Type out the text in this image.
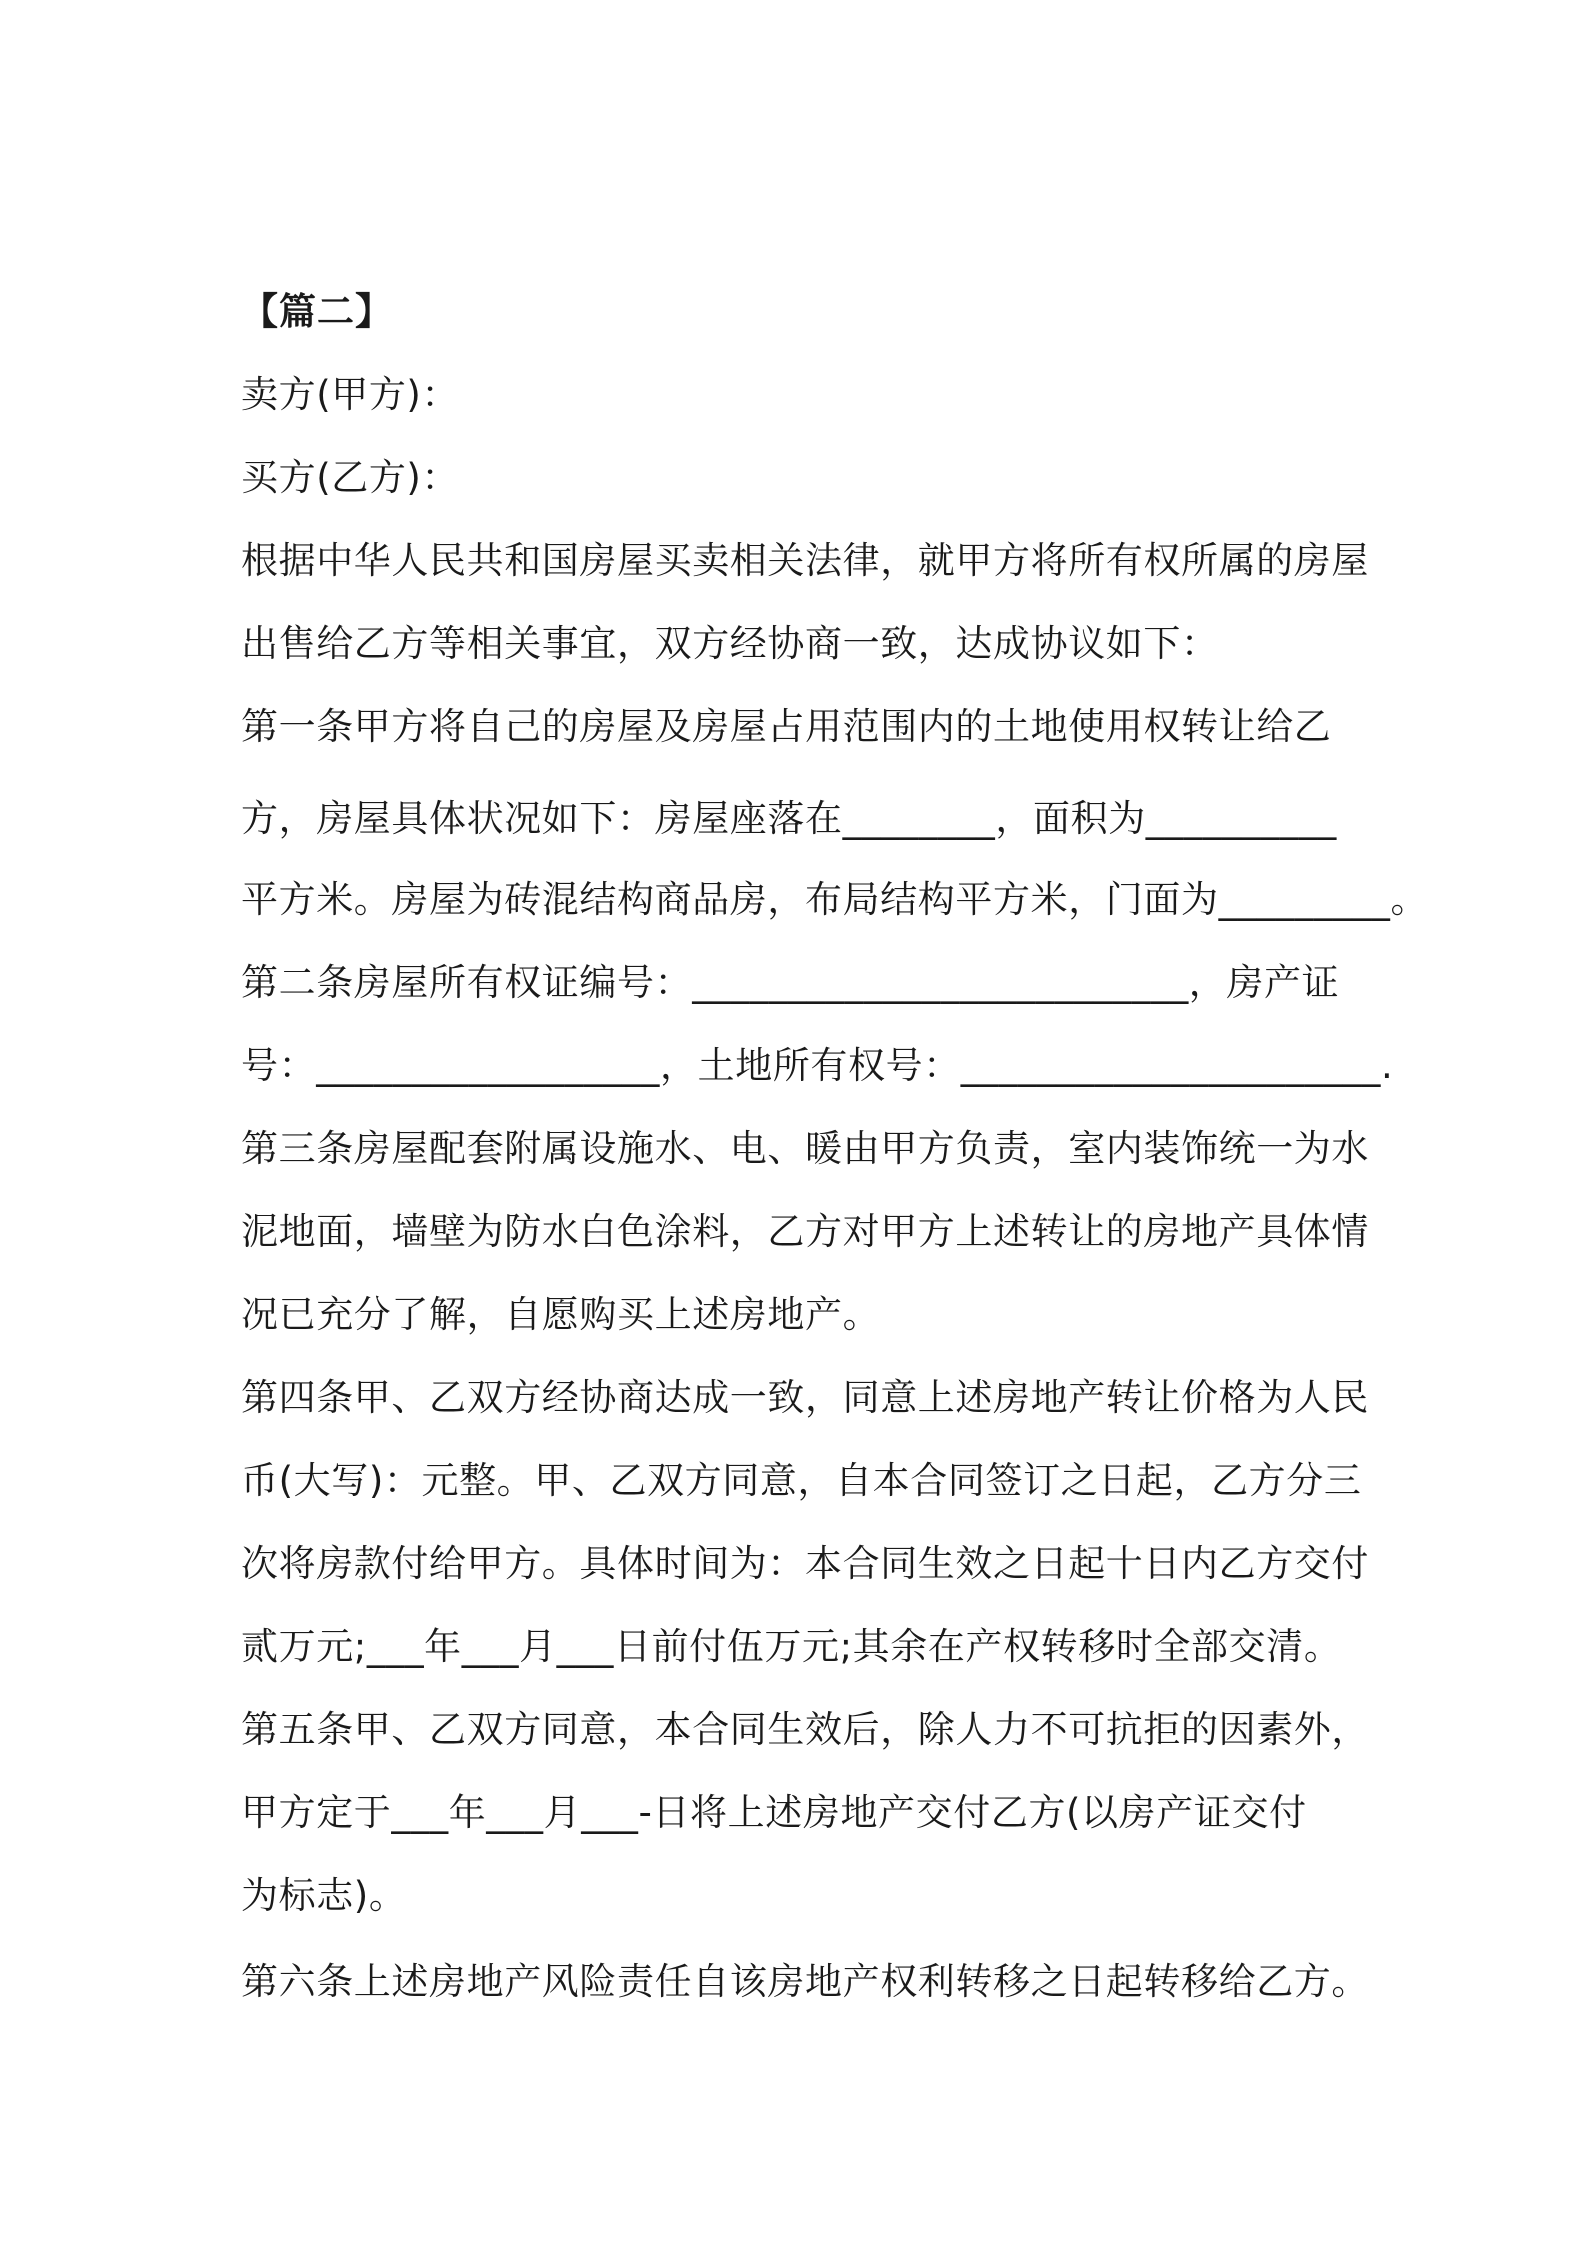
【篇二】

卖方(甲方)：

买方(乙方)：

根据中华人民共和国房屋买卖相关法律，就甲方将所有权所属的房屋

出售给乙方等相关事宜，双方经协商一致，达成协议如下：

第一条甲方将自己的房屋及房屋占用范围内的土地使用权转让给乙

方，房屋具体状况如下：房屋座落在________，面积为__________

平方米。房屋为砖混结构商品房，布局结构平方米，门面为_________。

第二条房屋所有权证编号：__________________________，房产证

号：__________________，土地所有权号：______________________.

第三条房屋配套附属设施水、电、暖由甲方负责，室内装饰统一为水

泥地面，墙壁为防水白色涂料，乙方对甲方上述转让的房地产具体情

况已充分了解，自愿购买上述房地产。

第四条甲、乙双方经协商达成一致，同意上述房地产转让价格为人民

币(大写)：元整。甲、乙双方同意，自本合同签订之日起，乙方分三

次将房款付给甲方。具体时间为：本合同生效之日起十日内乙方交付

贰万元;___年___月___日前付伍万元;其余在产权转移时全部交清。

第五条甲、乙双方同意，本合同生效后，除人力不可抗拒的因素外，

甲方定于___年___月___-日将上述房地产交付乙方(以房产证交付

为标志)。

第六条上述房地产风险责任自该房地产权利转移之日起转移给乙方。
